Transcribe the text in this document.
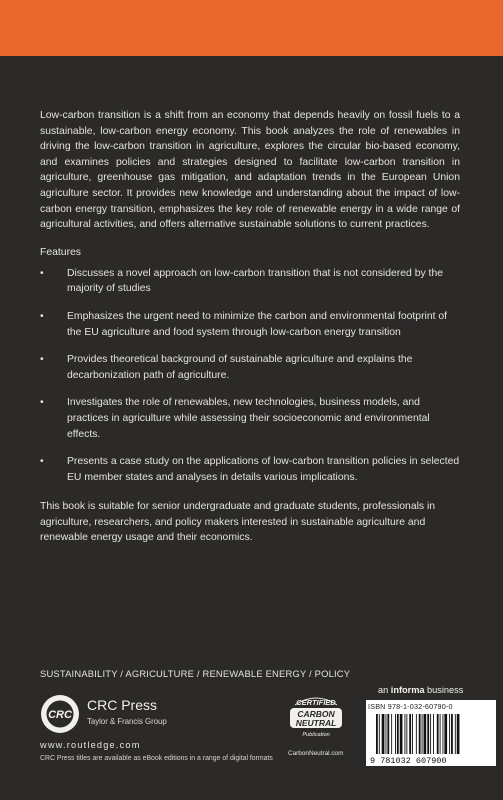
Low-carbon transition is a shift from an economy that depends heavily on fossil fuels to a sustainable, low-carbon energy economy. This book analyzes the role of renewables in driving the low-carbon transition in agriculture, explores the circular bio-based economy, and examines policies and strategies designed to facilitate low-carbon transition in agriculture, greenhouse gas mitigation, and adaptation trends in the European Union agriculture sector. It provides new knowledge and understanding about the impact of low-carbon energy transition, emphasizes the key role of renewable energy in a wide range of agricultural activities, and offers alternative sustainable solutions to current practices.

Features
• Discusses a novel approach on low-carbon transition that is not considered by the majority of studies
• Emphasizes the urgent need to minimize the carbon and environmental footprint of the EU agriculture and food system through low-carbon energy transition
• Provides theoretical background of sustainable agriculture and explains the decarbonization path of agriculture.
• Investigates the role of renewables, new technologies, business models, and practices in agriculture while assessing their socioeconomic and environmental effects.
• Presents a case study on the applications of low-carbon transition policies in selected EU member states and analyses in details various implications.

This book is suitable for senior undergraduate and graduate students, professionals in agriculture, researchers, and policy makers interested in sustainable agriculture and renewable energy usage and their economics.

SUSTAINABILITY / AGRICULTURE / RENEWABLE ENERGY / POLICY
an informa business
CRC
CRC Press
Taylor & Francis Group
www.routledge.com
CRC Press titles are available as eBook editions in a range of digital formats
CERTIFIED
CARBON
NEUTRAL
Publication
CarbonNeutral.com
ISBN 978-1-032-60790-0
9 781032 607900
